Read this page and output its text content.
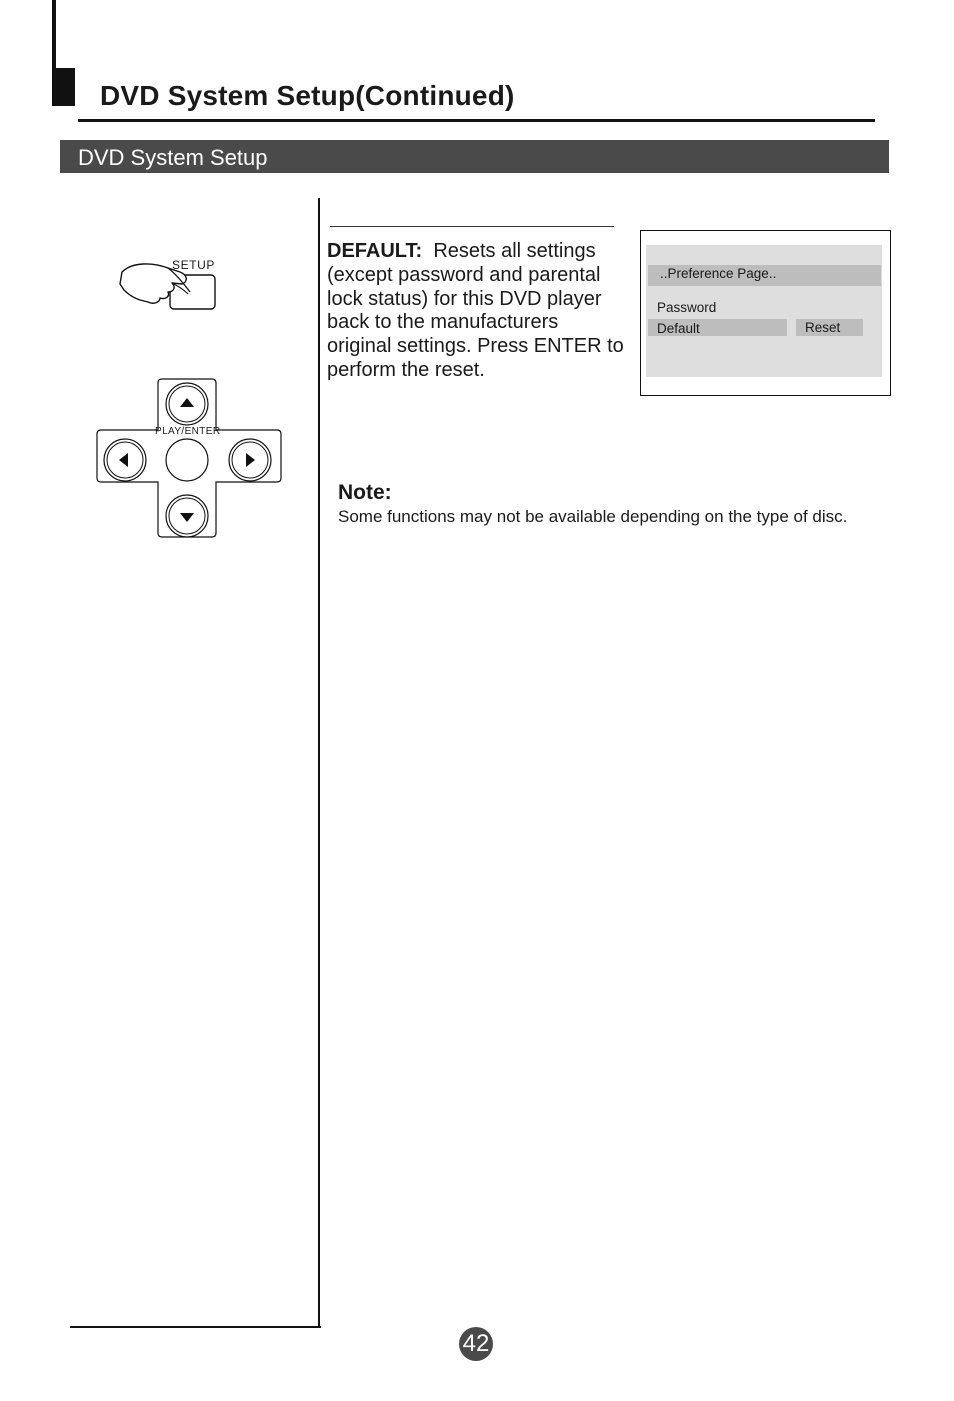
DVD System Setup(Continued)
DVD System Setup
SETUP
PLAY/ENTER
DEFAULT: Resets all settings (except password and parental lock status) for this DVD player back to the manufacturers original settings. Press ENTER to perform the reset.
..Preference Page..
Password
Default	Reset
Note:
Some functions may not be available depending on the type of disc.
42
